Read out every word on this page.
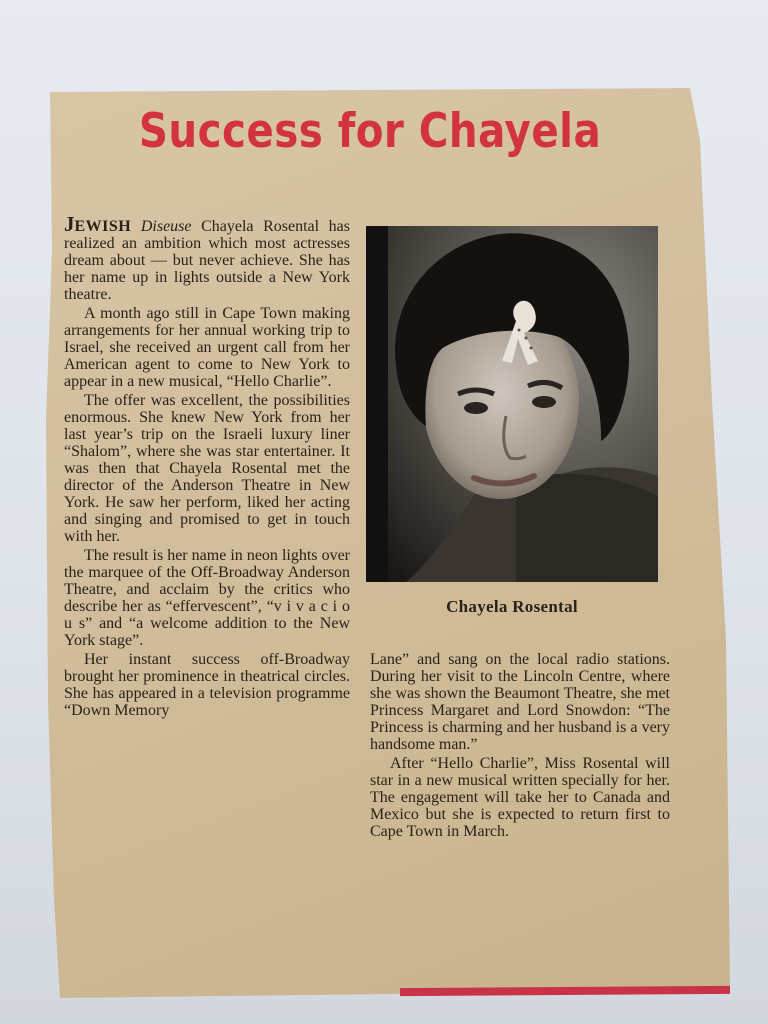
Success for Chayela

JEWISH Diseuse Chayela Rosental has realized an ambition which most actresses dream about — but never achieve. She has her name up in lights outside a New York theatre.

A month ago still in Cape Town making arrangements for her annual working trip to Israel, she received an urgent call from her American agent to come to New York to appear in a new musical, “Hello Charlie”.

The offer was excellent, the possibilities enormous. She knew New York from her last year’s trip on the Israeli luxury liner “Shalom”, where she was star entertainer. It was then that Chayela Rosental met the director of the Anderson Theatre in New York. He saw her perform, liked her acting and singing and promised to get in touch with her.

The result is her name in neon lights over the marquee of the Off-Broadway Anderson Theatre, and acclaim by the critics who describe her as “effervescent”, “v i v a c i o u s” and “a welcome addition to the New York stage”.

Her instant success off-Broadway brought her prominence in theatrical circles. She has appeared in a television programme “Down Memory

Chayela Rosental

Lane” and sang on the local radio stations. During her visit to the Lincoln Centre, where she was shown the Beaumont Theatre, she met Princess Margaret and Lord Snowdon: “The Princess is charming and her husband is a very handsome man.”

After “Hello Charlie”, Miss Rosental will star in a new musical written specially for her. The engagement will take her to Canada and Mexico but she is expected to return first to Cape Town in March.
